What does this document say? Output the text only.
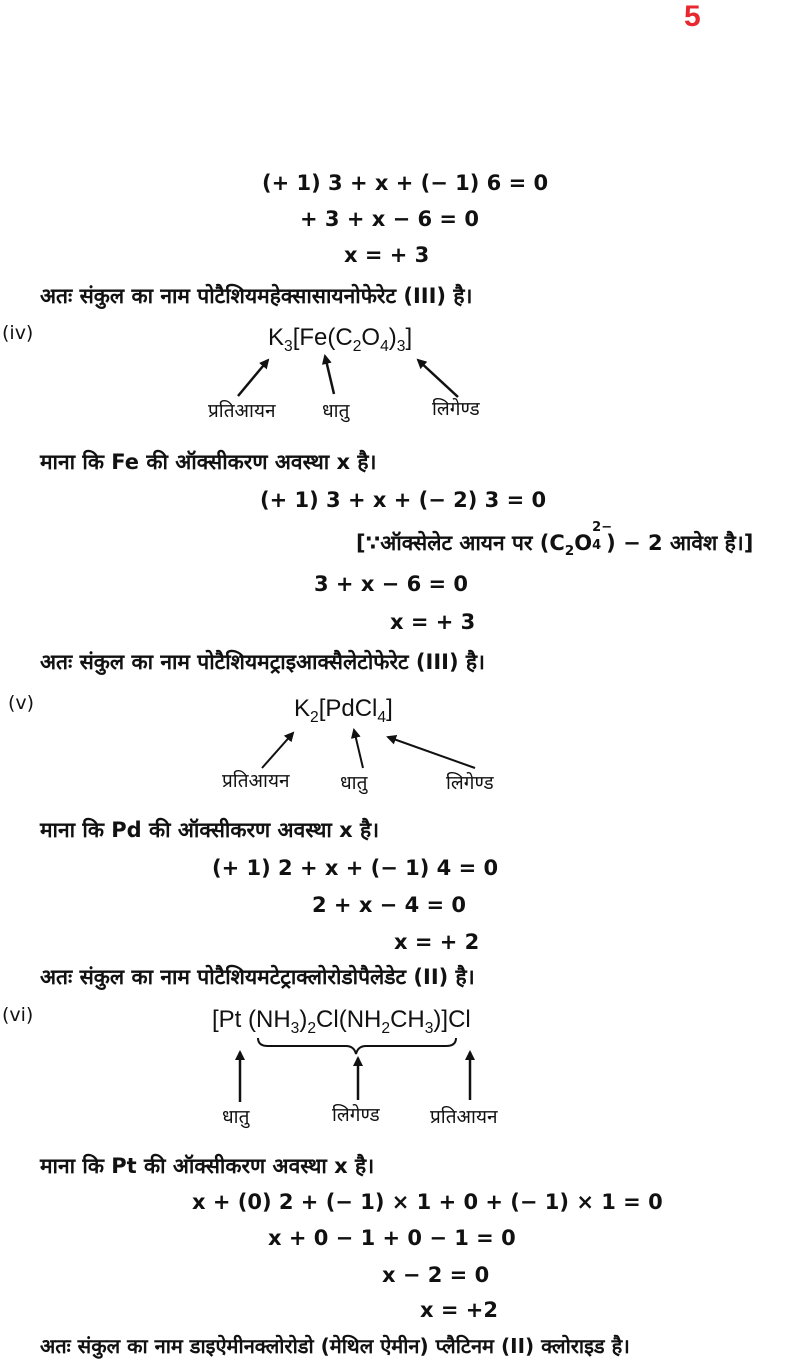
5
(+ 1) 3 + x + (− 1) 6 = 0
+ 3 + x − 6 = 0
x = + 3
अतः संकुल का नाम पोटैशियमहेक्सासायनोफेरेट (III) है।
(iv)	$K_3[Fe(C_2O_4)_3]$
प्रतिआयन धातु	लिगेण्ड
माना कि Fe की ऑक्सीकरण अवस्था x है।
(+ 1) 3 + x + (− 2) 3 = 0
[∵ऑक्सेलेट आयन पर ($C_2O$
2−
4 ) − 2 आवेश है।]
3 + x − 6 = 0
x = + 3
अतः संकुल का नाम पोटैशियमट्राइआक्सैलेटोफेरेट (III) है।
(v)	$K_2[PdCl_4]$
प्रतिआयन	धातु	लिगेण्ड
माना कि Pd की ऑक्सीकरण अवस्था x है।
(+ 1) 2 + x + (− 1) 4 = 0
2 + x − 4 = 0
x = + 2
अतः संकुल का नाम पोटैशियमटेट्राक्लोरोडोपैलेडेट (II) है।
(vi)	[Pt $(NH_3)_2Cl(NH_2CH_3)]Cl$
धातु	लिगेण्ड	प्रतिआयन
माना कि Pt की ऑक्सीकरण अवस्था x है।
x + (0) 2 + (− 1) × 1 + 0 + (− 1) × 1 = 0
x + 0 − 1 + 0 − 1 = 0
x − 2 = 0
x = +2
अतः संकुल का नाम डाइऐमीनक्लोरोडो (मेथिल ऐमीन) प्लैटिनम (II) क्लोराइड है।
